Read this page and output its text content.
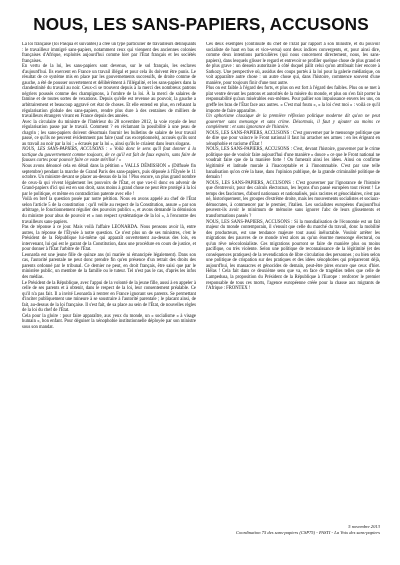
NOUS, LES SANS-PAPIERS, ACCUSONS

La loi française (loi Pasqua et suivantes) a créé un type particulier de travailleurs délinquants : le travailleur immigré sans-papiers, notamment ceux qui viennent des anciennes colonies françaises d'Afrique, exploités aujourd'hui comme hier par l'État français et les sociétés françaises.

En vertu de la loi, les sans-papiers sont devenus, sur le sol français, les esclaves d'aujourd'hui. Ils exercent en France un travail illégal et pour cela ils doivent être punis. Le résultat de ce système mis en place par les gouvernements successifs, de droite comme de gauche, a été de pousser ouvertement et délibérément à l'illégalité, et les sans-papiers dans la clandestinité du travail au noir. Ceux-ci se trouvent depuis à la merci des nombreux patrons négriers poussés comme des champignons, à l'ombre de la loi. À la merci de salaires de famine et de toutes sortes de vexations. Depuis qu'elle est revenue au pouvoir, la gauche a arbitrairement et beaucoup aggravé cet état de choses. Et elle entend en plus, en refusant la régularisation globale des sans-papiers, rendre plus dure à des centaines de milliers de travailleurs étrangers vivant en France depuis des années.

Avec la circulaire du ministre de l'Intérieur du 28 novembre 2012, la voie royale de leur régularisation passe par le travail. Comment ? en réclamant la possibilité à une peau de chagrin ; les sans-papiers doivent désormais fournir les bulletins de salaire de leur travail passé, ce qu'ils ne peuvent évidemment pas faire (sauf cas exceptionnels), accusés qu'ils sont au travail au noir par la loi ; « écrasés par la loi », ainsi qu'ils le criaient dans leurs slogans.

NOUS, LES SANS-PAPIERS, ACCUSONS : « Voilà donc le sens qu'il faut donner à la tactique du gouvernement comme toujours, de ce qu'il est fait de faux espoirs, sans faire de fausses cartes pour pouvoir faire ce vaste stérilisé ! »

Nous avons dénoncé cela en détail dans la pétition « VALLS DÉMISSION » (Diffusée fin septembre) pendant la marche de Grand Paris des sans-papiers, puis déposée à l'Élysée le 11 octobre. Un ministre devant se placer au-dessus de la loi ! Plus encore, un plus grand nombre de ceux-là qui vivent légalement les pouvoirs de l'État, et que va-t-il donc en advenir de Grand-papiers d'ici qui est en son droit, sans moins à grand chose ne peut être protégé à la loi par le politique, et même en contradiction patente avec elle !

Voilà en bref la question posée par notre pétition. Nous en avons appelé au chef de l'État selon l'article 5 de la constitution : qu'il veille au respect de la Constitution, assure « par son arbitrage, le fonctionnement régulier des pouvoirs publics », et avons demandé la démission du ministre pour abus de pouvoir et « non respect systématique de la loi », à l'encontre des travailleurs sans-papiers.

Pas de réponse à ce jour. Mais voilà l'affaire LEONARDA. Nous pensons avoir là, entre autres, la réponse de l'Élysée à notre question. Ce n'est plus un de ses ministres, c'est le Président de la République lui-même qui apparaît ouvertement au-dessus des lois, en intervenant, lui qui est le garant de la Constitution, dans une procédure en cours de justice, et pour donner à l'État l'arbitre de l'État.

Leonarda est une jeune fille de quinze ans (ni mariée ni émancipée légalement). Dans son cas, l'autorité parentale ne peut donc prendre fin qu'en présence d'un retrait des droits des parents ordonné par le tribunal. Ce dernier ne peut, en droit français, être saisi que par le ministère public, un membre de la famille ou le tuteur. Tel n'est pas le cas, d'après les infos des médias.

Le Président de la République, avec l'appui de la volonté de la jeune fille, aussi à en appeler à celle de ses parents et à obtenir, dans le respect de la loi, leur consentement préalable. Ce qu'il n'a pas fait. Il a invité Leonarda à rentrer en France ignorant ses parents. Se permettant d'inciter publiquement une mineure à se soustraire à l'autorité parentale ; le placant ainsi, de fait, au-dessus de la loi française. Il s'est fait, de sa place au sein de l'État, de nouvelles règles de la loi du chef de l'État.

Cela pour la gloire : pour faire apparaître, aux yeux du monde, un « socialisme » à visage humain », bon enfant. Pour déguiser la xénophobie institutionnelle déployée par son ministre sous son mandat.

Ces deux exemples (continuité du chef de l'État par rapport à son ministre, et du pouvoir socialiste de haut en bas et vice-versa) sont deux indices convergents, et, pour ainsi dire, comme deux intentions particulières (qui nous concernent directement, nous, les sans-papiers), dans lesquels glisser le regard et entrevoir se profiler quelque chose de plus grand et de plus grave : un dessein autoritaire à côté duquel pâlit celui qu'on attribuait hier encore à Sarkozy. Une perspective où, assidus des coups portés à la loi pour la galerie médiatique, on voit apparaître autre chose : un autre chose qui, dans l'histoire, commence souvent d'une manière, pour toujours finir d'une tout autre.

Plus on est faible à l'égard des forts, et plus on est fort à l'égard des faibles. Plus on se met à plat ventre devant les patrons et autorités de la misère du monde, et plus on s'en fait porter la responsabilité qu'aux misérables eux-mêmes. Pour pallier son impuissance envers les uns, on greffe les bras de l'État face aux autres. « C'est mal foutu », « la loi c'est moi » : voilà ce qu'il importe de faire apparaître.

Un aphorisme classique de la première réflexion politique moderne dit qu'on ne peut gouverner sans mensonge et sans crime. Désormais, il faut y ajouter au moins ce complément : et sans ignorance de l'histoire.

NOUS, LES SANS-PAPIERS, ACCUSONS : C'est gouverner par le mensonge politique que de dire que pour vaincre le Front national il faut lui arracher ses armes : en les érigeant en xénophobie et racisme d'État !

NOUS, LES SANS-PAPIERS, ACCUSONS : C'est, devant l'histoire, gouverner par le crime politique que de vouloir faire aujourd'hui d'une manière « douce » ce que le Front national ne voudrait faire que de la manière forte ! On fumerait ainsi les idées. Ainsi on confirme légitimité et latitude morale à l'inacceptable et à l'innommable. C'est par une telle banalisation qu'on crée la base, dans l'opinion publique, de la grande criminalité politique de demain !

NOUS, LES SANS-PAPIERS, ACCUSONS : C'est gouverner par l'ignorance de l'histoire que d'entrevoir, pour des calculs électoraux, les leçons d'un passé européen tout récent ! Le temps des fascismes, d'abord nationaux et nationalisés, puis racistes et génocidaires, n'est pas né, historiquement, les groupes d'extrême droite, mais les mouvements socialistes et sociaux-démocrates, à commencer par le premier, l'italien. Les socialistes européens d'aujourd'hui peuvent-ils avoir le minimum de mémoire sans ignorer l'abc de leurs glissements et transformations passés ?

NOUS, LES SANS-PAPIERS, ACCUSONS : Si la mondialisation de l'économie est un fait majeur du monde contemporain, il s'ensuit que celle du marché du travail, donc la mobilité des producteurs, est une tendance majeure tout aussi inéluctable. Vouloir arrêter les migrations des pauvres de ce monde n'est alors au qu'un énorme mensonge électoral, ou qu'un rêve néocolonialiste. Ces migrations pourront se faire de manière plus ou moins pacifique, ou très violente. Selon une politique de reconnaissance de la légitimité (et des conséquences pratiques) de la revendication de libre circulation des personnes ; ou bien selon une politique de crispation sur des pratiques et des idées xénophobes qui prépareront déjà, aujourd'hui, les massacres et génocides de demain, peut-être pires encore que ceux d'hier. Hélas ! Cela fait dans ce deuxième sens que va, en face de tragédies telles que celle de Lampedusa, la proposition du Président de la République à l'Europe : renforcer le premier responsable de tous ces morts, l'agence européenne créée pour la chasse aux migrants de l'Afrique : FRONTEX !

5 novembre 2013
Coordination 75 des sans-papiers (CSP75) - FASTI - La Voix des sans-papiers
